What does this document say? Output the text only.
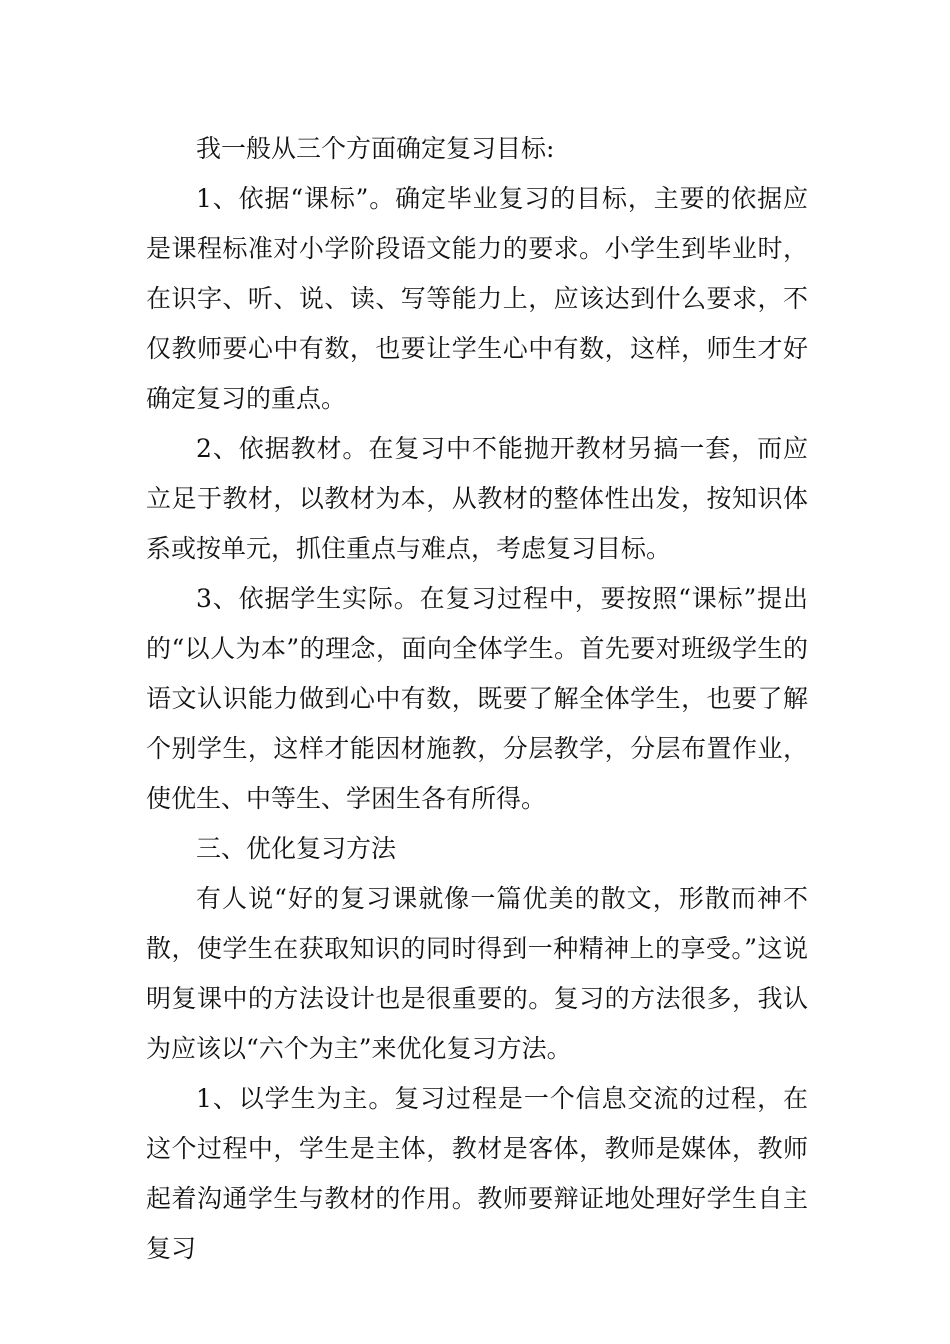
我一般从三个方面确定复习目标:

1、依据“课标”。确定毕业复习的目标，主要的依据应是课程标准对小学阶段语文能力的要求。小学生到毕业时，在识字、听、说、读、写等能力上，应该达到什么要求，不仅教师要心中有数，也要让学生心中有数，这样，师生才好确定复习的重点。

2、依据教材。在复习中不能抛开教材另搞一套，而应立足于教材，以教材为本，从教材的整体性出发，按知识体系或按单元，抓住重点与难点，考虑复习目标。

3、依据学生实际。在复习过程中，要按照“课标”提出的“以人为本”的理念，面向全体学生。首先要对班级学生的语文认识能力做到心中有数，既要了解全体学生，也要了解个别学生，这样才能因材施教，分层教学，分层布置作业，使优生、中等生、学困生各有所得。

三、优化复习方法

有人说“好的复习课就像一篇优美的散文，形散而神不散，使学生在获取知识的同时得到一种精神上的享受。”这说明复课中的方法设计也是很重要的。复习的方法很多，我认为应该以“六个为主”来优化复习方法。

1、以学生为主。复习过程是一个信息交流的过程，在这个过程中，学生是主体，教材是客体，教师是媒体，教师起着沟通学生与教材的作用。教师要辩证地处理好学生自主复习
